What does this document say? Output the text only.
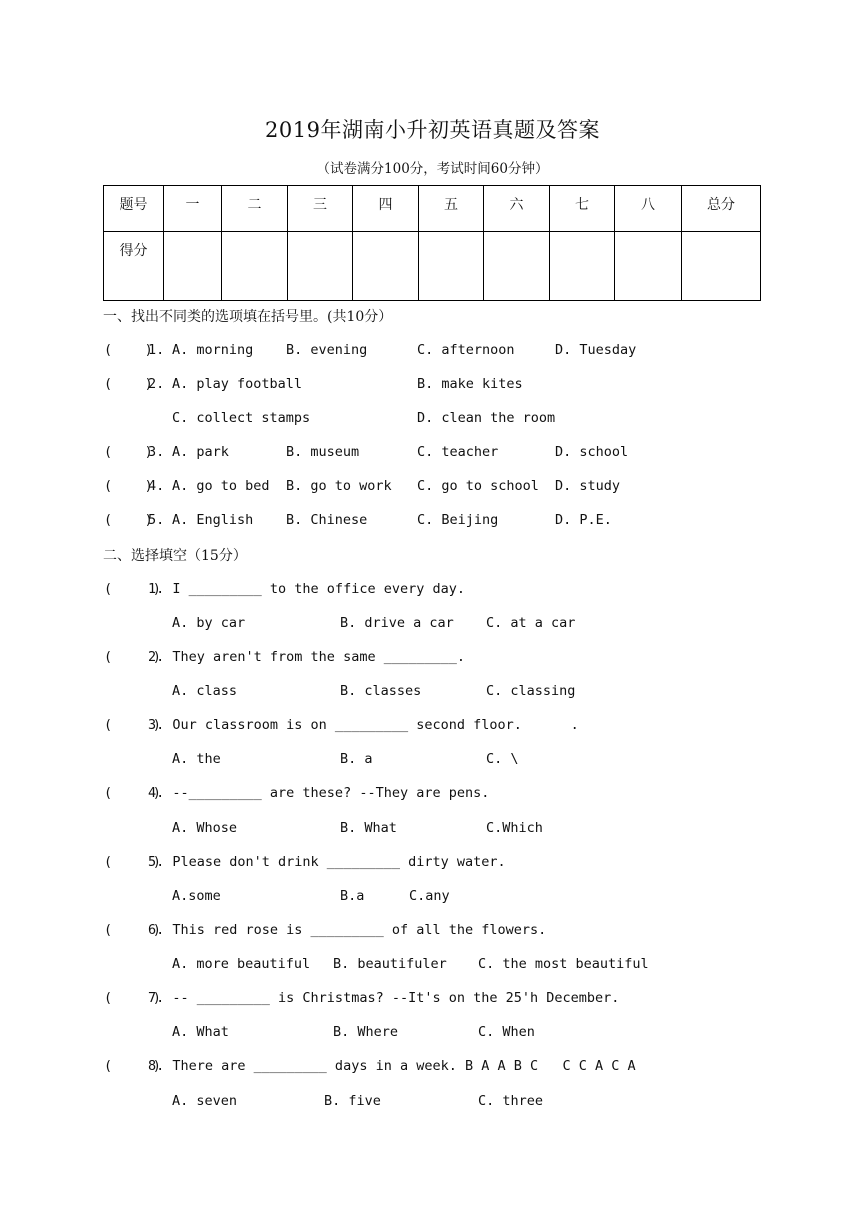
2019年湖南小升初英语真题及答案
（试卷满分100分，考试时间60分钟）
题号	一	二	三	四	五	六	七	八	总分
得分									
一、找出不同类的选项填在括号里。(共10分）

(    )

1.

A. morning

B. evening

	C. afternoon

	D. Tuesday

(    )

2.

A. play football

	B. make kites

C. collect stamps

	D. clean the room

(    )

3.

A. park

	B. museum

	C. teacher

	D. school

(    )

4.

A. go to bed

B. go to work

C. go to school

D. study

(    )

5.

A. English

B. Chinese

	C. Beijing

	D. P.E.

二、选择填空（15分）

(     )

1. I _________ to the office every day.

A. by car

	B. drive a car

C. at a car

(     )

2. They aren't from the same _________.

A. class

	B. classes

	C. classing

(     )

3. Our classroom is on _________ second floor.      .

A. the

	B. a

	C. \

(     )

4. --_________ are these? --They are pens.

A. Whose

	B. What

	C.Which

(     )

5. Please don't drink _________ dirty water.

A.some

	B.a

	C.any

(     )

6. This red rose is _________ of all the flowers.

A. more beautiful

B. beautifuler

C. the most beautiful

(     )

7. -- _________ is Christmas? --It's on the 25'h December.

A. What

	B. Where

	C. When

(     )

8. There are _________ days in a week. B A A B C   C C A C A

A. seven

	B. five

	C. three
